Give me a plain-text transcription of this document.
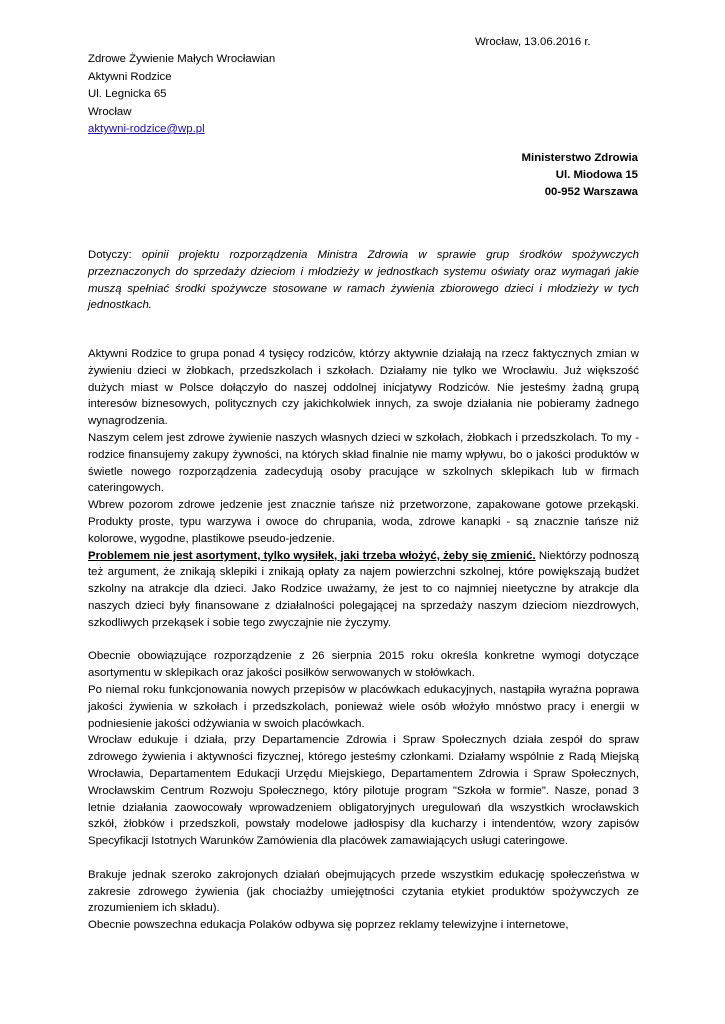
Wrocław, 13.06.2016 r.
Zdrowe Żywienie Małych Wrocławian
Aktywni Rodzice
Ul. Legnicka 65
Wrocław
aktywni-rodzice@wp.pl
Ministerstwo Zdrowia
Ul. Miodowa 15
00-952 Warszawa
Dotyczy: opinii projektu rozporządzenia Ministra Zdrowia w sprawie grup środków spożywczych przeznaczonych do sprzedaży dzieciom i młodzieży w jednostkach systemu oświaty oraz wymagań jakie muszą spełniać środki spożywcze stosowane w ramach żywienia zbiorowego dzieci i młodzieży w tych jednostkach.

Aktywni Rodzice to grupa ponad 4 tysięcy rodziców, którzy aktywnie działają na rzecz faktycznych zmian w żywieniu dzieci w żłobkach, przedszkolach i szkołach. Działamy nie tylko we Wrocławiu. Już większość dużych miast w Polsce dołączyło do naszej oddolnej inicjatywy Rodziców. Nie jesteśmy żadną grupą interesów biznesowych, politycznych czy jakichkolwiek innych, za swoje działania nie pobieramy żadnego wynagrodzenia.

Naszym celem jest zdrowe żywienie naszych własnych dzieci w szkołach, żłobkach i przedszkolach. To my - rodzice finansujemy zakupy żywności, na których skład finalnie nie mamy wpływu, bo o jakości produktów w świetle nowego rozporządzenia zadecydują osoby pracujące w szkolnych sklepikach lub w firmach cateringowych.

Wbrew pozorom zdrowe jedzenie jest znacznie tańsze niż przetworzone, zapakowane gotowe przekąski. Produkty proste, typu warzywa i owoce do chrupania, woda, zdrowe kanapki - są znacznie tańsze niż kolorowe, wygodne, plastikowe pseudo-jedzenie.

Problemem nie jest asortyment, tylko wysiłek, jaki trzeba włożyć, żeby się zmienić. Niektórzy podnoszą też argument, że znikają sklepiki i znikają opłaty za najem powierzchni szkolnej, które powiększają budżet szkolny na atrakcje dla dzieci. Jako Rodzice uważamy, że jest to co najmniej nieetyczne by atrakcje dla naszych dzieci były finansowane z działalności polegającej na sprzedaży naszym dzieciom niezdrowych, szkodliwych przekąsek i sobie tego zwyczajnie nie życzymy.

Obecnie obowiązujące rozporządzenie z 26 sierpnia 2015 roku określa konkretne wymogi dotyczące asortymentu w sklepikach oraz jakości posiłków serwowanych w stołówkach.

Po niemal roku funkcjonowania nowych przepisów w placówkach edukacyjnych, nastąpiła wyraźna poprawa jakości żywienia w szkołach i przedszkolach, ponieważ wiele osób włożyło mnóstwo pracy i energii w podniesienie jakości odżywiania w swoich placówkach.

Wrocław edukuje i działa, przy Departamencie Zdrowia i Spraw Społecznych działa zespół do spraw zdrowego żywienia i aktywności fizycznej, którego jesteśmy członkami. Działamy wspólnie z Radą Miejską Wrocławia, Departamentem Edukacji Urzędu Miejskiego, Departamentem Zdrowia i Spraw Społecznych, Wrocławskim Centrum Rozwoju Społecznego, który pilotuje program "Szkoła w formie". Nasze, ponad 3 letnie działania zaowocowały wprowadzeniem obligatoryjnych uregulowań dla wszystkich wrocławskich szkół, żłobków i przedszkoli, powstały modelowe jadłospisy dla kucharzy i intendentów, wzory zapisów Specyfikacji Istotnych Warunków Zamówienia dla placówek zamawiających usługi cateringowe.

Brakuje jednak szeroko zakrojonych działań obejmujących przede wszystkim edukację społeczeństwa w zakresie zdrowego żywienia (jak chociażby umiejętności czytania etykiet produktów spożywczych ze zrozumieniem ich składu).

Obecnie powszechna edukacja Polaków odbywa się poprzez reklamy telewizyjne i internetowe,
